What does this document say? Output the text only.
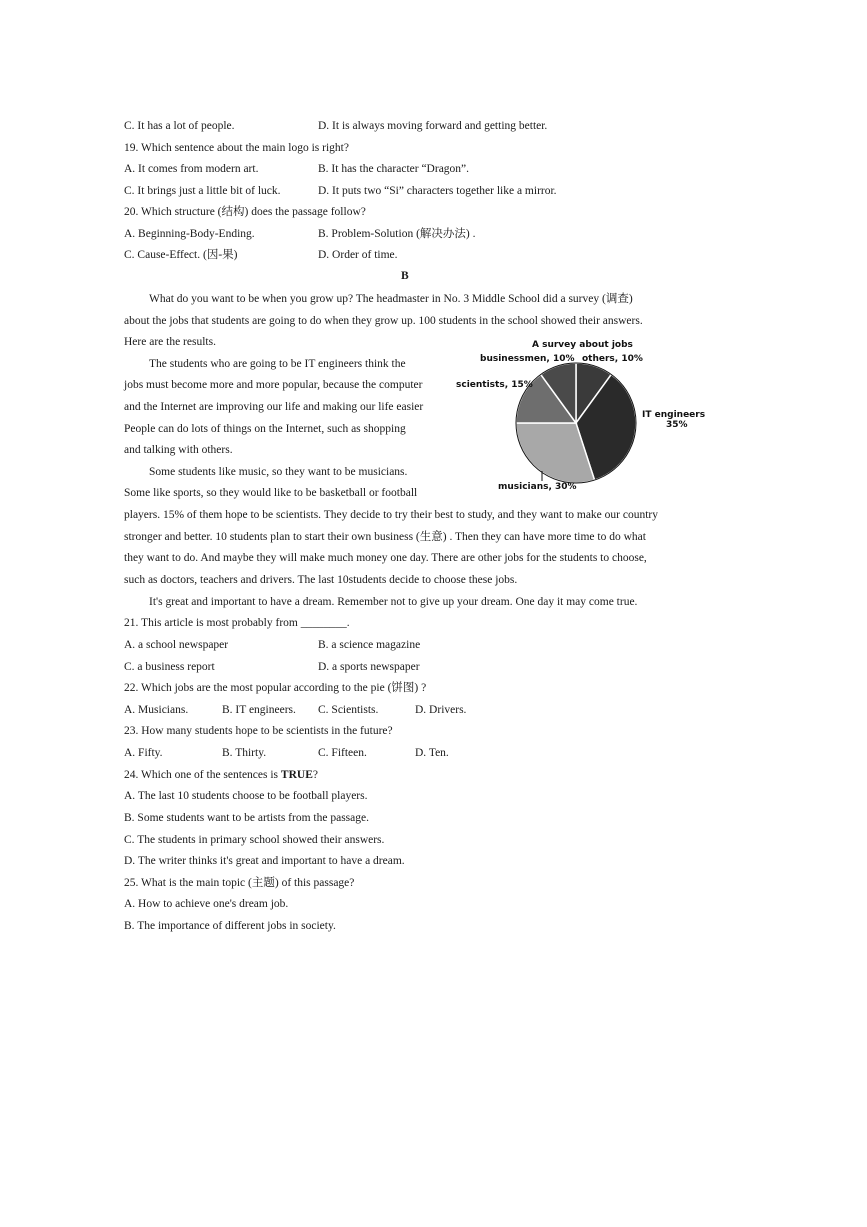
C. It has a lot of people.	D. It is always moving forward and getting better.
19. Which sentence about the main logo is right?
A. It comes from modern art.	B. It has the character “Dragon”.
C. It brings just a little bit of luck.	D. It puts two “Si” characters together like a mirror.
20. Which structure (结构) does the passage follow?
A. Beginning-Body-Ending.	B. Problem-Solution (解决办法) .
C. Cause-Effect. (因-果)	D. Order of time.
B
What do you want to be when you grow up? The headmaster in No. 3 Middle School did a survey (调查)
about the jobs that students are going to do when they grow up. 100 students in the school showed their answers.
Here are the results.
The students who are going to be IT engineers think the
jobs must become more and more popular, because the computer
and the Internet are improving our life and making our life easier
People can do lots of things on the Internet, such as shopping
and talking with others.
Some students like music, so they want to be musicians.
Some like sports, so they would like to be basketball or football
players. 15% of them hope to be scientists. They decide to try their best to study, and they want to make our country
stronger and better. 10 students plan to start their own business (生意) . Then they can have more time to do what
they want to do. And maybe they will make much money one day. There are other jobs for the students to choose,
such as doctors, teachers and drivers. The last 10students decide to choose these jobs.
It's great and important to have a dream. Remember not to give up your dream. One day it may come true.
A survey about jobs
others, 10%
IT engineers
35%
musicians, 30%
scientists, 15%
businessmen, 10%
21. This article is most probably from ________.
A. a school newspaper	B. a science magazine
C. a business report	D. a sports newspaper
22. Which jobs are the most popular according to the pie (饼图) ?
A. Musicians.	B. IT engineers. C. Scientists.	D. Drivers.
23. How many students hope to be scientists in the future?
A. Fifty.	B. Thirty.	C. Fifteen.	D. Ten.
24. Which one of the sentences is TRUE?
A. The last 10 students choose to be football players.
B. Some students want to be artists from the passage.
C. The students in primary school showed their answers.
D. The writer thinks it's great and important to have a dream.
25. What is the main topic (主题) of this passage?
A. How to achieve one's dream job.
B. The importance of different jobs in society.
